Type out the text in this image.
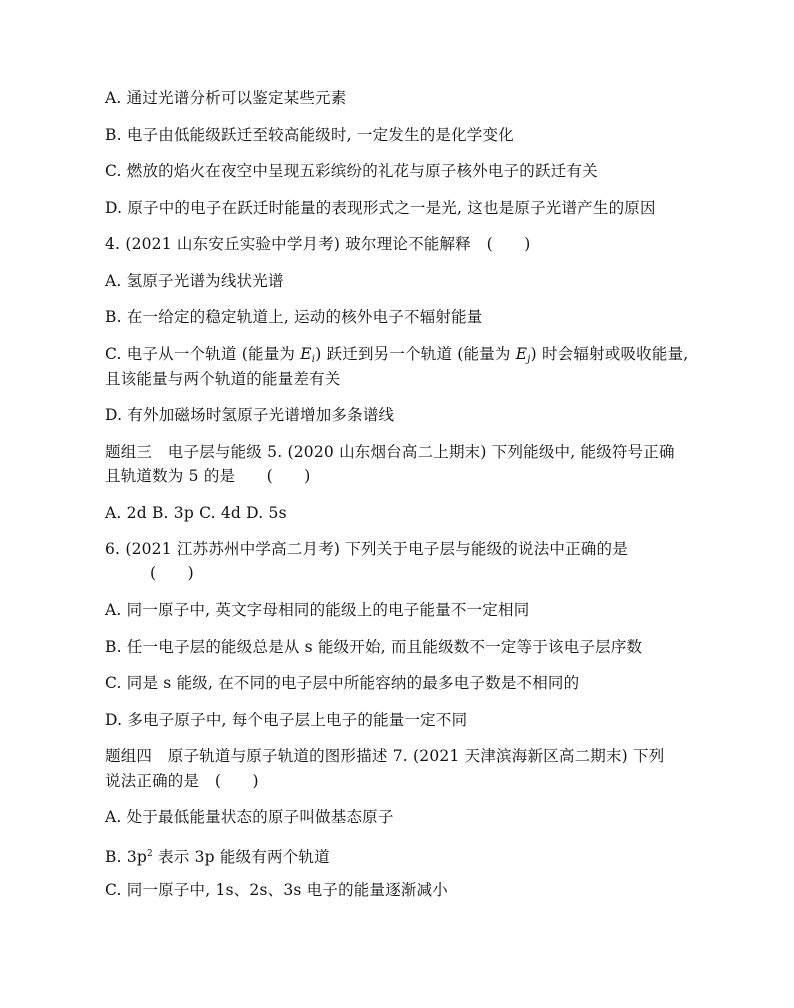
A. 通过光谱分析可以鉴定某些元素
B. 电子由低能级跃迁至较高能级时, 一定发生的是化学变化
C. 燃放的焰火在夜空中呈现五彩缤纷的礼花与原子核外电子的跃迁有关
D. 原子中的电子在跃迁时能量的表现形式之一是光, 这也是原子光谱产生的原因
4. (2021 山东安丘实验中学月考) 玻尔理论不能解释　(　　)
A. 氢原子光谱为线状光谱
B. 在一给定的稳定轨道上, 运动的核外电子不辐射能量
C. 电子从一个轨道 (能量为 $E_i$) 跃迁到另一个轨道 (能量为 $E_j$) 时会辐射或吸收能量,
且该能量与两个轨道的能量差有关
D. 有外加磁场时氢原子光谱增加多条谱线
题组三　电子层与能级 5. (2020 山东烟台高二上期末) 下列能级中, 能级符号正确
且轨道数为 5 的是　　(　　)
A. 2d B. 3p C. 4d D. 5s
6. (2021 江苏苏州中学高二月考) 下列关于电子层与能级的说法中正确的是
(　　)
A. 同一原子中, 英文字母相同的能级上的电子能量不一定相同
B. 任一电子层的能级总是从 s 能级开始, 而且能级数不一定等于该电子层序数
C. 同是 s 能级, 在不同的电子层中所能容纳的最多电子数是不相同的
D. 多电子原子中, 每个电子层上电子的能量一定不同
题组四　原子轨道与原子轨道的图形描述 7. (2021 天津滨海新区高二期末) 下列
说法正确的是　(　　)
A. 处于最低能量状态的原子叫做基态原子
B. $3p^2$ 表示 3p 能级有两个轨道
C. 同一原子中, 1s、2s、3s 电子的能量逐渐减小
